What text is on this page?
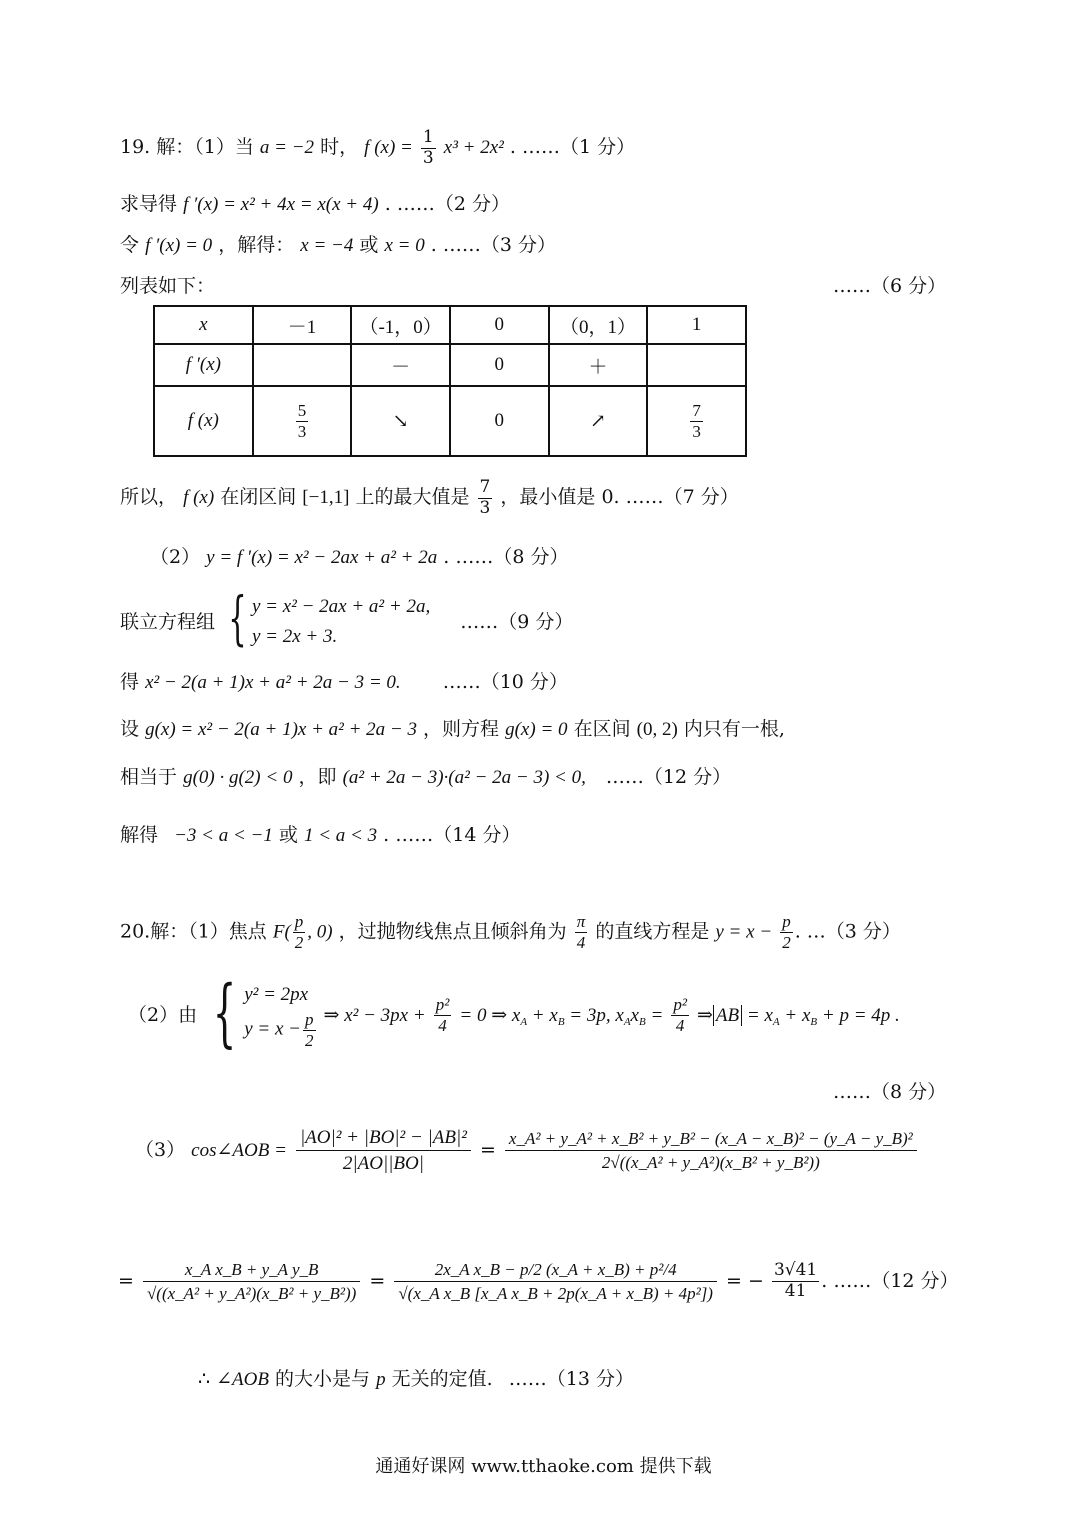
19. 解：（1）当 a = −2 时， f $(x) = \frac{1}{3} x^3 + 2x^2$ . ……（1 分）
求导得 f ′(x) = x² + 4x = x(x + 4) . ……（2 分）
令 f ′(x) = 0 ，解得： x = −4 或 x = 0 . ……（3 分）
列表如下：	……（6 分）
x	－1	（-1，0）	0	（0，1）	1
f ′(x)		－	0	＋	
f (x)	$\frac{5}{3}$	↘	0	↗	$\frac{7}{3}$
所以， f (x) 在闭区间 [−1,1] 上的最大值是 $\frac{7}{3}$ ，最小值是 0. ……（7 分）
（2） y = f ′(x) = x² − 2ax + a² + 2a . ……（8 分）
联立方程组 { y = x² − 2ax + a² + 2a,
y = 2x + 3.
……（9 分）
得 x² − 2(a + 1)x + a² + 2a − 3 = 0. ……（10 分）
设 g(x) = x² − 2(a + 1)x + a² + 2a − 3 ，则方程 g(x) = 0 在区间 (0, 2) 内只有一根,
相当于 g(0) · g(2) < 0 ，即 (a² + 2a − 3)·(a² − 2a − 3) < 0, ……（12 分）
解得 −3 < a < −1 或 1 < a < 3 . ……（14 分）
20.解：（1）焦点 $F( \frac{p}{2}$ , 0) ，过抛物线焦点且倾斜角为 $\frac{\pi}{4}$ 的直线方程是 $y = x - \frac{p}{2}$ . …（3 分）
（2）由 { y² = 2px
$y = x - \frac{p}{2}$ ⇒ $x^2 - 3px + \frac{\text{p²}}{4} = 0$ ⇒ $x_A + x_B = 3p$, $x_Ax_B = \frac{\text{p²}}{4}$ ⇒ AB = $x_A + x_B + p = 4p$ .
……（8 分）
（3） cos∠AOB = $\frac{\text{|AO|² + |BO|² − |AB|²}}{2|AO||BO|} = \frac{\text{x\_A² + y\_A² + x\_B² + y\_B² − (x\_A − x\_B)² − (y\_A − y\_B)²}}{\text{2√((x\_A² + y\_A²)(x\_B² + y\_B²))}}$
= $\frac{\text{x\_A x\_B + y\_A y\_B}}{\text{√((x\_A² + y\_A²)(x\_B² + y\_B²))}} = \frac{\text{2x\_A x\_B − p/2 (x\_A + x\_B) + p²/4}}{\text{√(x\_A x\_B [x\_A x\_B + 2p(x\_A + x\_B) + 4p²])}}$ = − $\frac{3√41}{41}$ . ……（12 分）
∴ ∠AOB 的大小是与 p 无关的定值. ……（13 分）
通通好课网 www.tthaoke.com 提供下载
